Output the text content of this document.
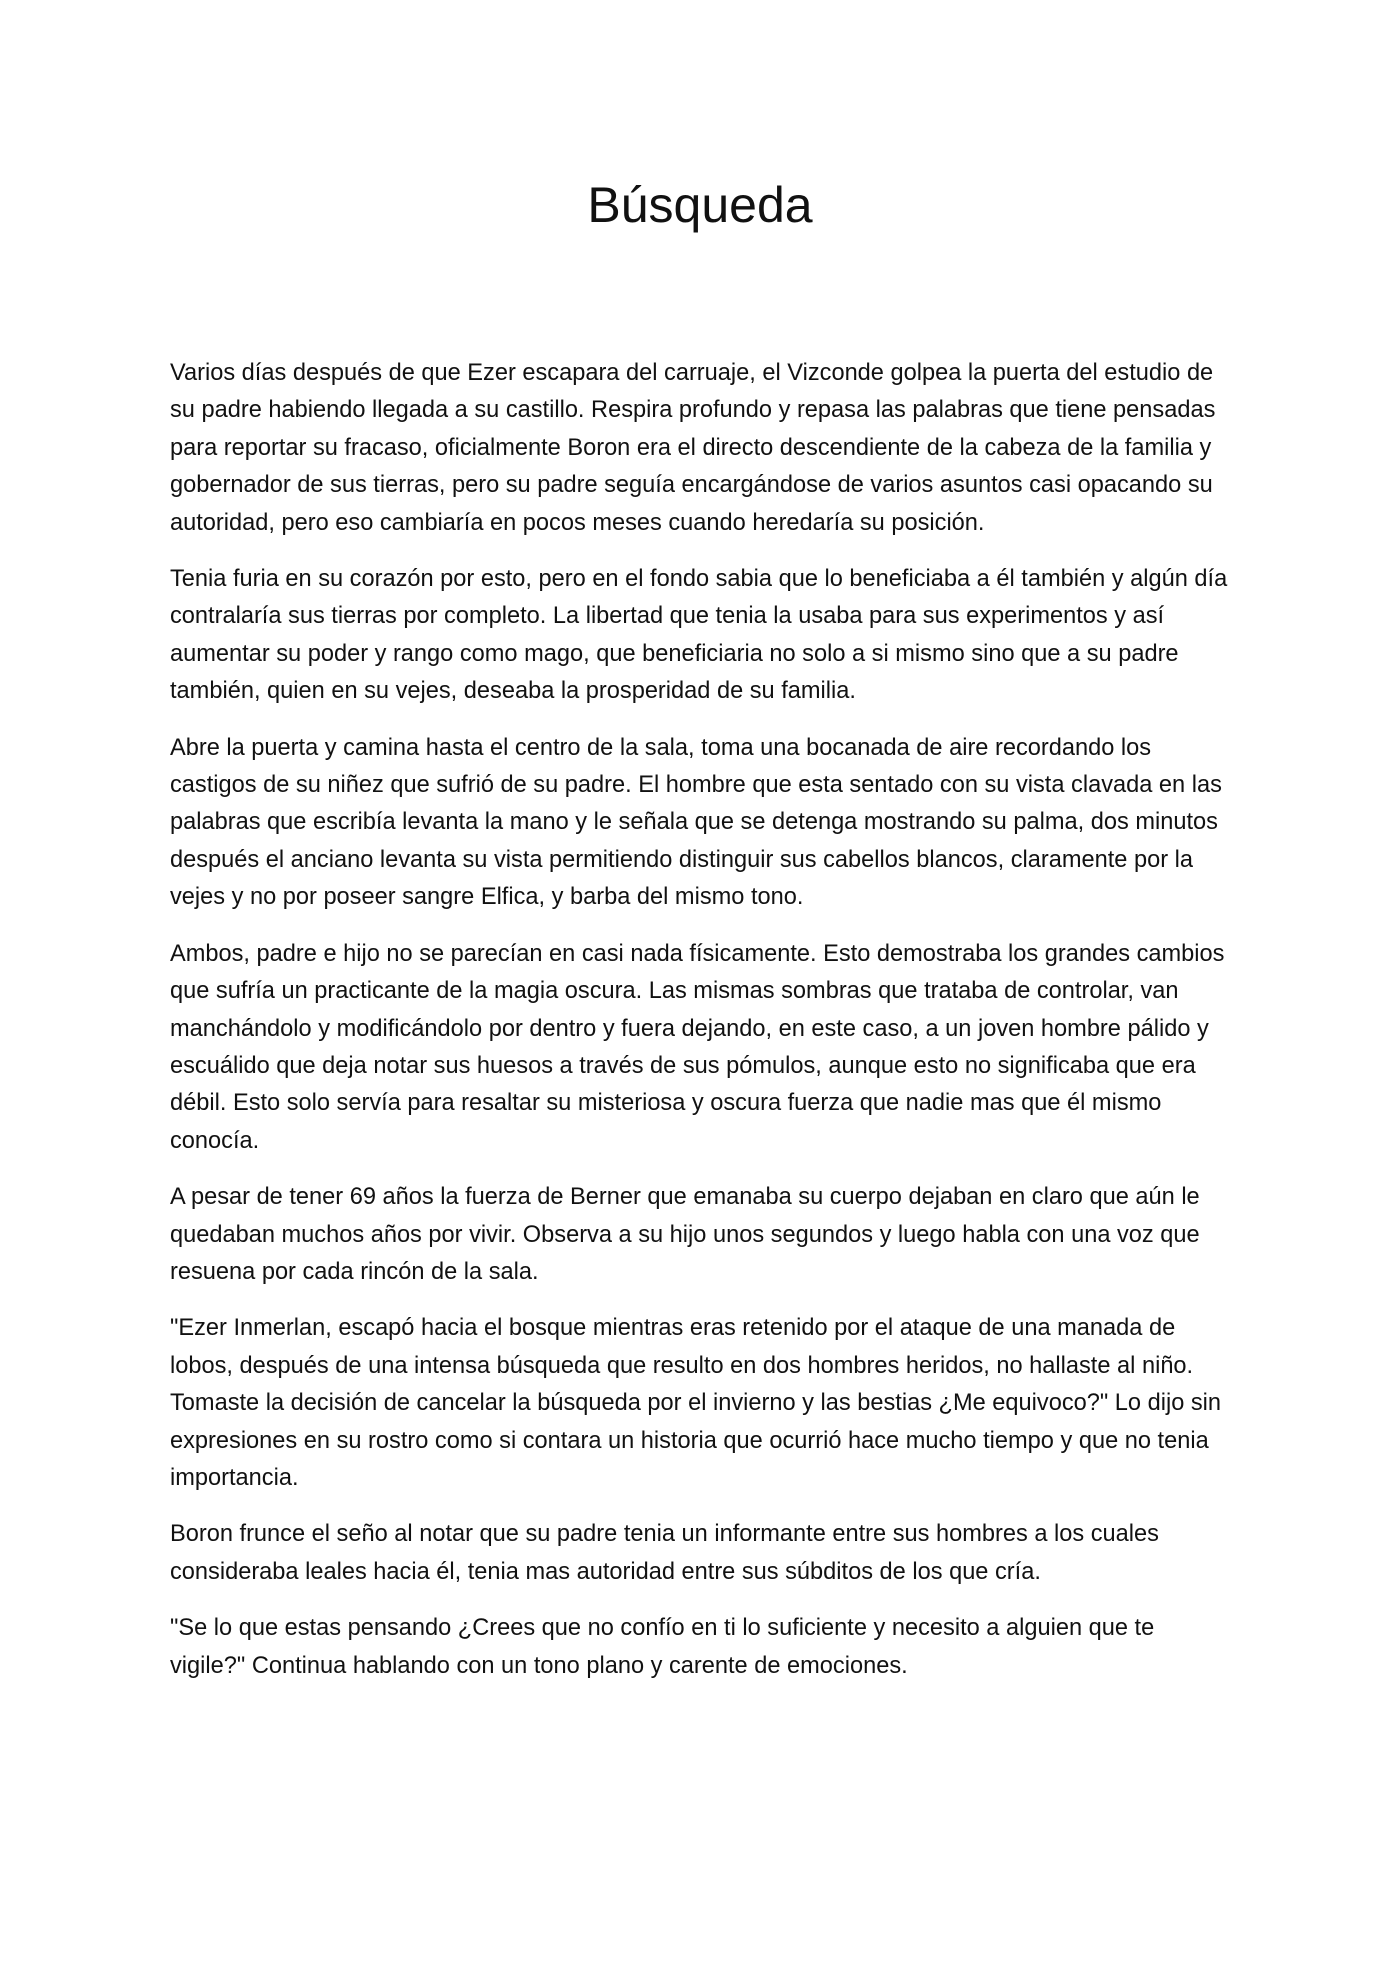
Búsqueda

Varios días después de que Ezer escapara del carruaje, el Vizconde golpea la puerta del estudio de su padre habiendo llegada a su castillo. Respira profundo y repasa las palabras que tiene pensadas para reportar su fracaso, oficialmente Boron era el directo descendiente de la cabeza de la familia y gobernador de sus tierras, pero su padre seguía encargándose de varios asuntos casi opacando su autoridad, pero eso cambiaría en pocos meses cuando heredaría su posición.

Tenia furia en su corazón por esto, pero en el fondo sabia que lo beneficiaba a él también y algún día contralaría sus tierras por completo. La libertad que tenia la usaba para sus experimentos y así aumentar su poder y rango como mago, que beneficiaria no solo a si mismo sino que a su padre también, quien en su vejes, deseaba la prosperidad de su familia.

Abre la puerta y camina hasta el centro de la sala, toma una bocanada de aire recordando los castigos de su niñez que sufrió de su padre. El hombre que esta sentado con su vista clavada en las palabras que escribía levanta la mano y le señala que se detenga mostrando su palma, dos minutos después el anciano levanta su vista permitiendo distinguir sus cabellos blancos, claramente por la vejes y no por poseer sangre Elfica, y barba del mismo tono.

Ambos, padre e hijo no se parecían en casi nada físicamente. Esto demostraba los grandes cambios que sufría un practicante de la magia oscura. Las mismas sombras que trataba de controlar, van manchándolo y modificándolo por dentro y fuera dejando, en este caso, a un joven hombre pálido y escuálido que deja notar sus huesos a través de sus pómulos, aunque esto no significaba que era débil. Esto solo servía para resaltar su misteriosa y oscura fuerza que nadie mas que él mismo conocía.

A pesar de tener 69 años la fuerza de Berner que emanaba su cuerpo dejaban en claro que aún le quedaban muchos años por vivir. Observa a su hijo unos segundos y luego habla con una voz que resuena por cada rincón de la sala.

"Ezer Inmerlan, escapó hacia el bosque mientras eras retenido por el ataque de una manada de lobos, después de una intensa búsqueda que resulto en dos hombres heridos, no hallaste al niño. Tomaste la decisión de cancelar la búsqueda por el invierno y las bestias ¿Me equivoco?" Lo dijo sin expresiones en su rostro como si contara un historia que ocurrió hace mucho tiempo y que no tenia importancia.

Boron frunce el seño al notar que su padre tenia un informante entre sus hombres a los cuales consideraba leales hacia él, tenia mas autoridad entre sus súbditos de los que cría.

"Se lo que estas pensando ¿Crees que no confío en ti lo suficiente y necesito a alguien que te vigile?" Continua hablando con un tono plano y carente de emociones.
